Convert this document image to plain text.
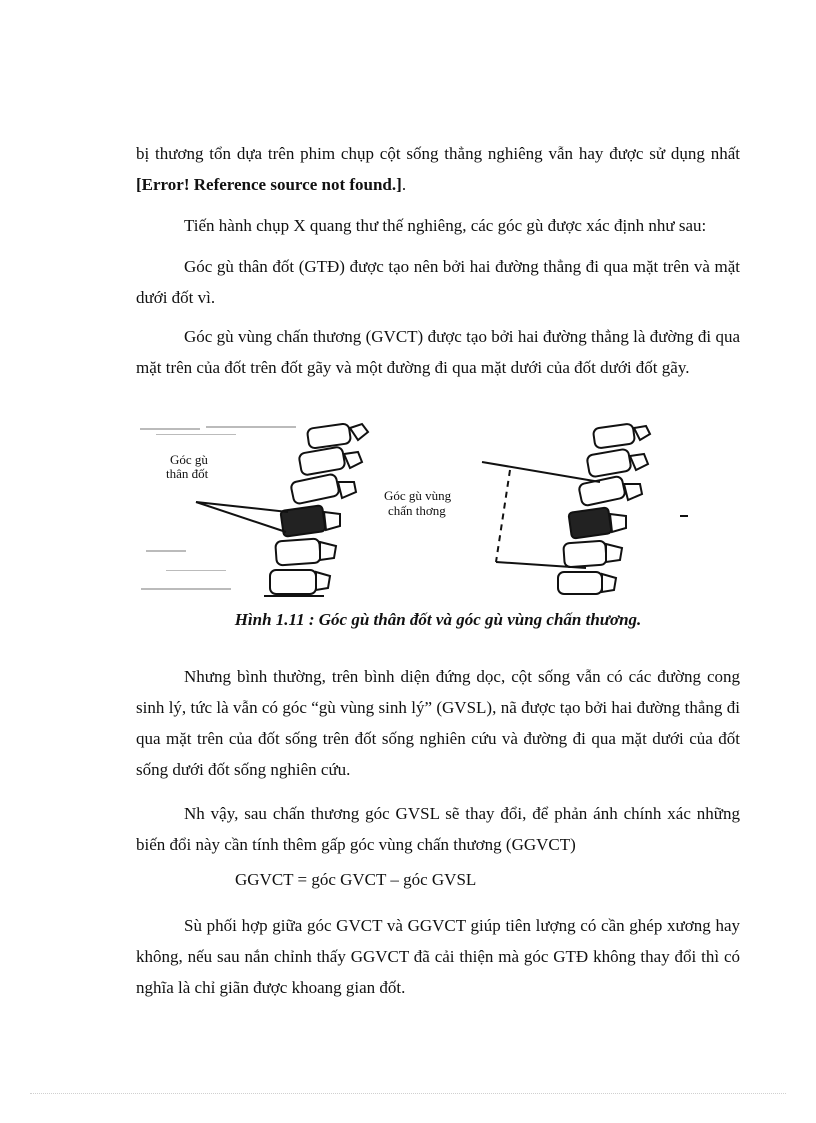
bị thương tổn dựa trên phim chụp cột sống thẳng nghiêng vẫn hay được sử dụng nhất [Error! Reference source not found.].

Tiến hành chụp X quang thư thế nghiêng, các góc gù được xác định như sau:

Góc gù thân đốt (GTĐ) được tạo nên bởi hai đường thẳng đi qua mặt trên và mặt dưới đốt vì.

Góc gù vùng chấn thương (GVCT) được tạo bởi hai đường thẳng là đường đi qua mặt trên của đốt trên đốt gãy và một đường đi qua mặt dưới của đốt dưới đốt gãy.

Góc gù
thân đốt
Góc gù vùng
chấn thơng
Hình 1.11 : Góc gù thân đốt và góc gù vùng chấn thương.

Nhưng bình thường, trên bình diện đứng dọc, cột sống vẫn có các đường cong sinh lý, tức là vẫn có góc “gù vùng sinh lý” (GVSL), nã được tạo bởi hai đường thẳng đi qua mặt trên của đốt sống trên đốt sống nghiên cứu và đường đi qua mặt dưới của đốt sống dưới đốt sống nghiên cứu.

Nh vậy, sau chấn thương góc GVSL sẽ thay đổi, để phản ánh chính xác những biến đổi này cần tính thêm gấp góc vùng chấn thương (GGVCT)

GGVCT = góc GVCT – góc GVSL

Sù phối hợp giữa góc GVCT và GGVCT giúp tiên lượng có cần ghép xương hay không, nếu sau nắn chỉnh thấy GGVCT đã cải thiện mà góc GTĐ không thay đổi thì có nghĩa là chỉ giãn được khoang gian đốt.
